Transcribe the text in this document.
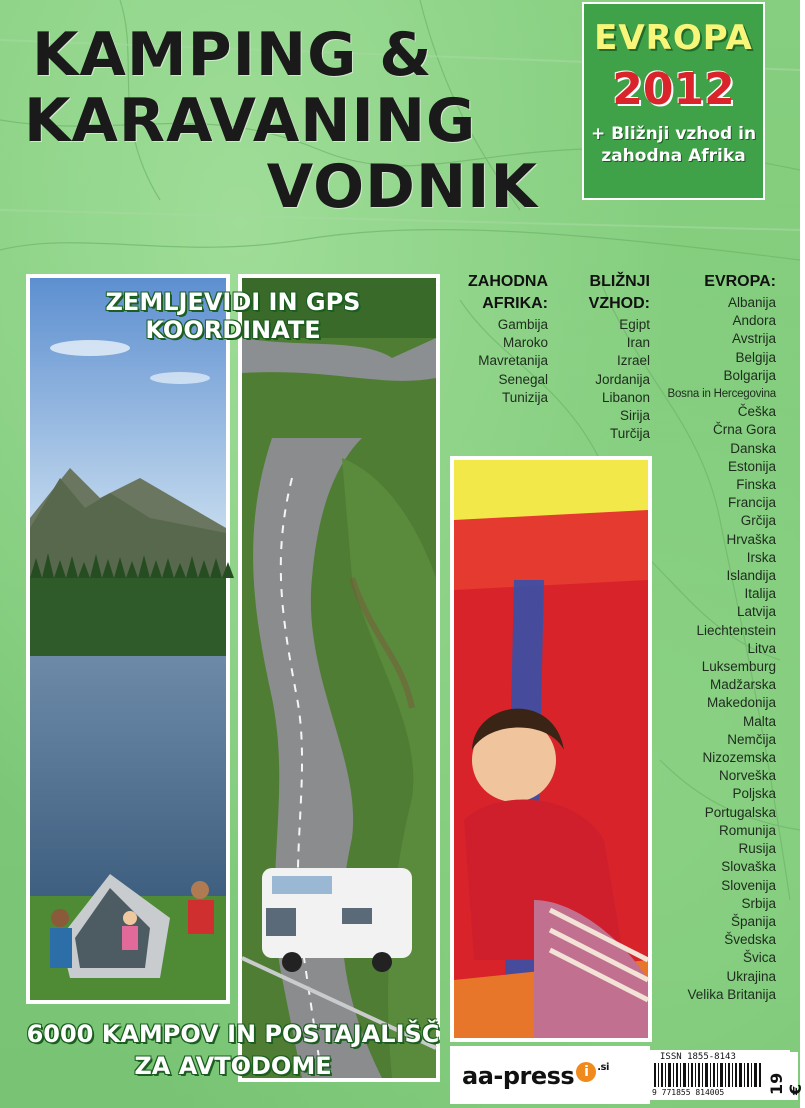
KAMPING &
KARAVANING
VODNIK
EVROPA
2012
+ Bližnji vzhod in
zahodna Afrika

ZEMLJEVIDI IN GPS KOORDINATE

6000 KAMPOV IN POSTAJALIŠČ
ZA AVTODOME
ZAHODNA
AFRIKA:
Gambija
Maroko
Mavretanija
Senegal
Tunizija
BLIŽNJI
VZHOD:
Egipt
Iran
Izrael
Jordanija
Libanon
Sirija
Turčija
EVROPA:
Albanija
Andora
Avstrija
Belgija
Bolgarija
Bosna in Hercegovina
Češka
Črna Gora
Danska
Estonija
Finska
Francija
Grčija
Hrvaška
Irska
Islandija
Italija
Latvija
Liechtenstein
Litva
Luksemburg
Madžarska
Makedonija
Malta
Nemčija
Nizozemska
Norveška
Poljska
Portugalska
Romunija
Rusija
Slovaška
Slovenija
Srbija
Španija
Švedska
Švica
Ukrajina
Velika Britanija
aa-press i $^{.si}$
ISSN 1855-8143
9 771855 814005	19 €
